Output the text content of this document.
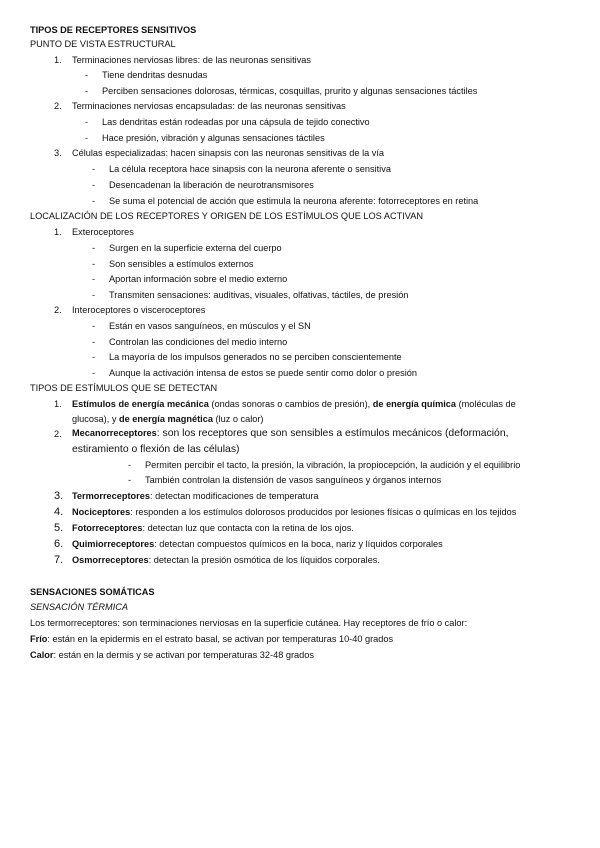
TIPOS DE RECEPTORES SENSITIVOS
PUNTO DE VISTA ESTRUCTURAL
1. Terminaciones nerviosas libres: de las neuronas sensitivas
- Tiene dendritas desnudas
- Perciben sensaciones dolorosas, térmicas, cosquillas, prurito y algunas sensaciones táctiles
2. Terminaciones nerviosas encapsuladas: de las neuronas sensitivas
- Las dendritas están rodeadas por una cápsula de tejido conectivo
- Hace presión, vibración y algunas sensaciones táctiles
3. Células especializadas: hacen sinapsis con las neuronas sensitivas de la vía
- La célula receptora hace sinapsis con la neurona aferente o sensitiva
- Desencadenan la liberación de neurotransmisores
- Se suma el potencial de acción que estimula la neurona aferente: fotorreceptores en retina
LOCALIZACIÓN DE LOS RECEPTORES Y ORIGEN DE LOS ESTÍMULOS QUE LOS ACTIVAN
1. Exteroceptores
- Surgen en la superficie externa del cuerpo
- Son sensibles a estímulos externos
- Aportan información sobre el medio externo
- Transmiten sensaciones: auditivas, visuales, olfativas, táctiles, de presión
2. Interoceptores o visceroceptores
- Están en vasos sanguíneos, en músculos y el SN
- Controlan las condiciones del medio interno
- La mayoría de los impulsos generados no se perciben conscientemente
- Aunque la activación intensa de estos se puede sentir como dolor o presión
TIPOS DE ESTÍMULOS QUE SE DETECTAN
1. Estímulos de energía mecánica (ondas sonoras o cambios de presión), de energía química (moléculas de glucosa), y de energía magnética (luz o calor)
2. Mecanorreceptores: son los receptores que son sensibles a estímulos mecánicos (deformación, estiramiento o flexión de las células)
- Permiten percibir el tacto, la presión, la vibración, la propiocepción, la audición y el equilibrio
- También controlan la distensión de vasos sanguíneos y órganos internos
3. Termorreceptores: detectan modificaciones de temperatura
4. Nociceptores: responden a los estímulos dolorosos producidos por lesiones físicas o químicas en los tejidos
5. Fotorreceptores: detectan luz que contacta con la retina de los ojos.
6. Quimiorreceptores: detectan compuestos químicos en la boca, nariz y líquidos corporales
7. Osmorreceptores: detectan la presión osmótica de los líquidos corporales.
SENSACIONES SOMÁTICAS
SENSACIÓN TÉRMICA
Los termorreceptores: son terminaciones nerviosas en la superficie cutánea. Hay receptores de frío o calor:
Frío: están en la epidermis en el estrato basal, se activan por temperaturas 10-40 grados
Calor: están en la dermis y se activan por temperaturas 32-48 grados
